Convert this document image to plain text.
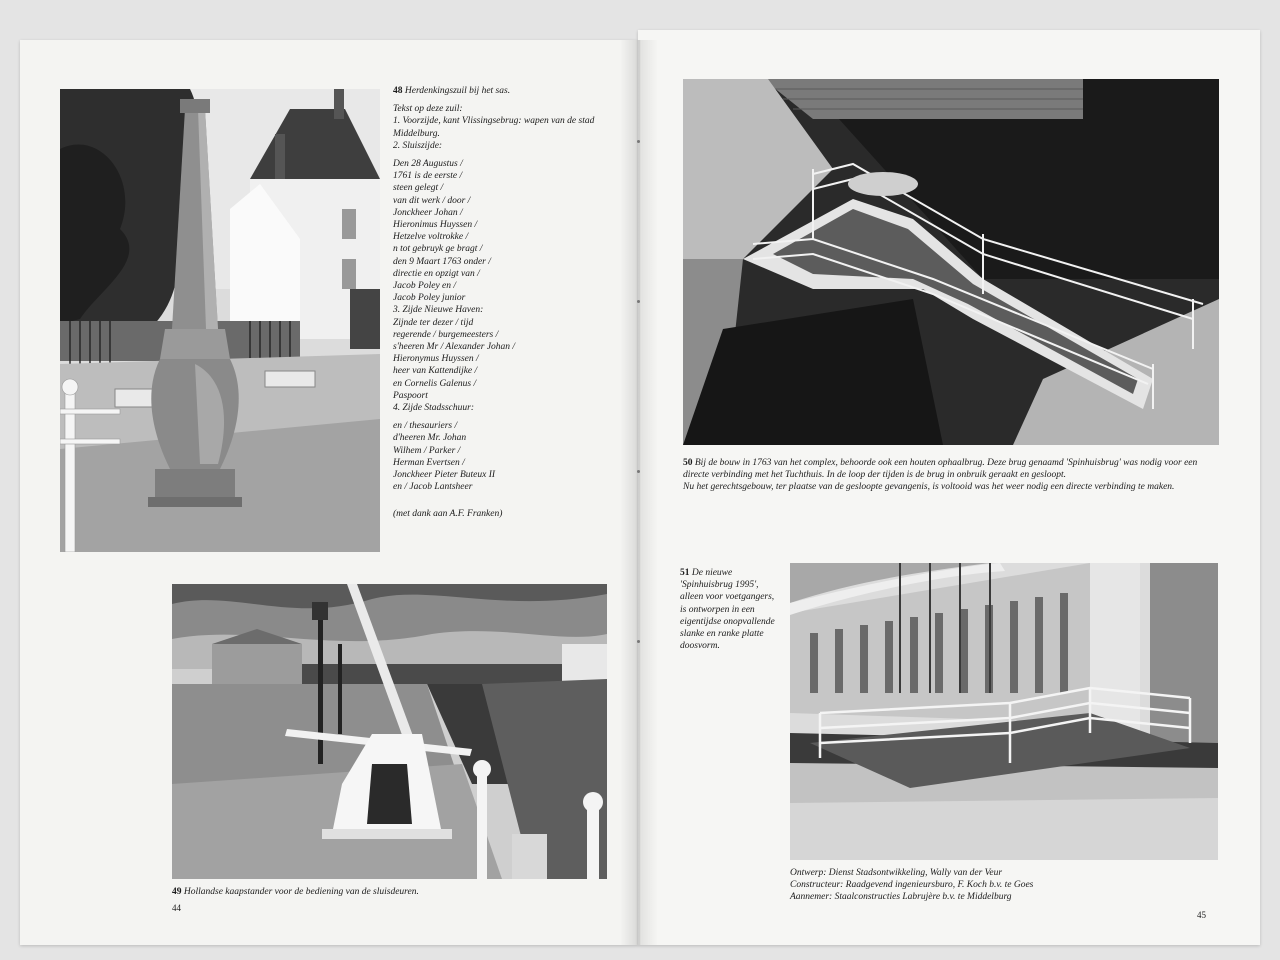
48 Herdenkingszuil bij het sas.

Tekst op deze zuil:

1. Voorzijde, kant Vlissingsebrug: wapen van de stad Middelburg.

2. Sluiszijde:

Den 28 Augustus /

1761 is de eerste /

steen gelegt /

van dit werk / door /

Jonckheer Johan /

Hieronimus Huyssen /

Hetzelve voltrokke /

n tot gebruyk ge bragt /

den 9 Maart 1763 onder /

directie en opzigt van /

Jacob Poley en /

Jacob Poley junior

3. Zijde Nieuwe Haven:

Zijnde ter dezer / tijd

regerende / burgemeesters /

s'heeren Mr / Alexander Johan /

Hieronymus Huyssen /

heer van Kattendijke /

en Cornelis Galenus /

Paspoort

4. Zijde Stadsschuur:

en / thesauriers /

d'heeren Mr. Johan

Wilhem / Parker /

Herman Evertsen /

Jonckheer Pieter Buteux II

en / Jacob Lantsheer

(met dank aan A.F. Franken)

49 Hollandse kaapstander voor de bediening van de sluisdeuren.
44
50 Bij de bouw in 1763 van het complex, behoorde ook een houten ophaalbrug. Deze brug genaamd 'Spinhuisbrug' was nodig voor een
directe verbinding met het Tuchthuis. In de loop der tijden is de brug in onbruik geraakt en gesloopt.
Nu het gerechtsgebouw, ter plaatse van de gesloopte gevangenis, is voltooid was het weer nodig een directe verbinding te maken.
51 De nieuwe
'Spinhuisbrug 1995',
alleen voor voetgangers,
is ontworpen in een
eigentijdse onopvallende
slanke en ranke platte
doosvorm.
Ontwerp: Dienst Stadsontwikkeling, Wally van der Veur
Constructeur: Raadgevend ingenieursburo, F. Koch b.v. te Goes
Aannemer: Staalconstructies Labrujère b.v. te Middelburg
45
